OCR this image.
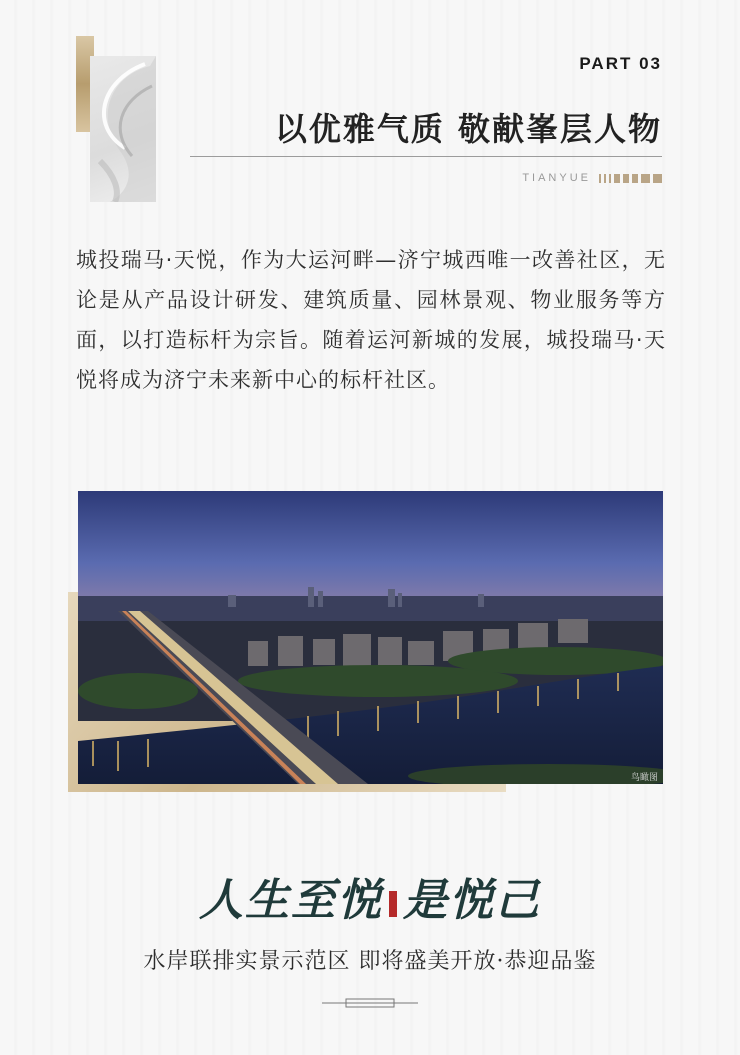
PART 03
以优雅气质 敬献峯层人物
TIANYUE
城投瑞马·天悦，作为大运河畔—济宁城西唯一改善社区，无论是从产品设计研发、建筑质量、园林景观、物业服务等方面，以打造标杆为宗旨。随着运河新城的发展，城投瑞马·天悦将成为济宁未来新中心的标杆社区。
鸟瞰图
人生至悦 是悦己
水岸联排实景示范区 即将盛美开放·恭迎品鉴
